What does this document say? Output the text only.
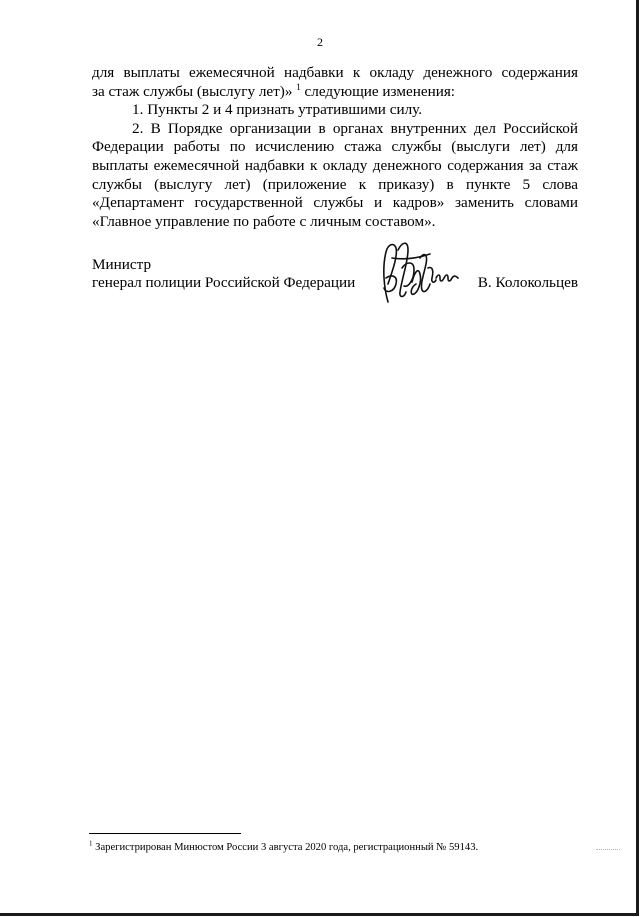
2

для выплаты ежемесячной надбавки к окладу денежного содержания

за стаж службы (выслугу лет)» $^1$ следующие изменения:

1. Пункты 2 и 4 признать утратившими силу.

2. В Порядке организации в органах внутренних дел Российской Федерации работы по исчислению стажа службы (выслуги лет) для выплаты ежемесячной надбавки к окладу денежного содержания за стаж службы (выслугу лет) (приложение к приказу) в пункте 5 слова «Департамент государственной службы и кадров» заменить словами «Главное управление по работе с личным составом».

Министр
генерал полиции Российской Федерации	В. Колокольцев
$^1$ Зарегистрирован Минюстом России 3 августа 2020 года, регистрационный № 59143.
